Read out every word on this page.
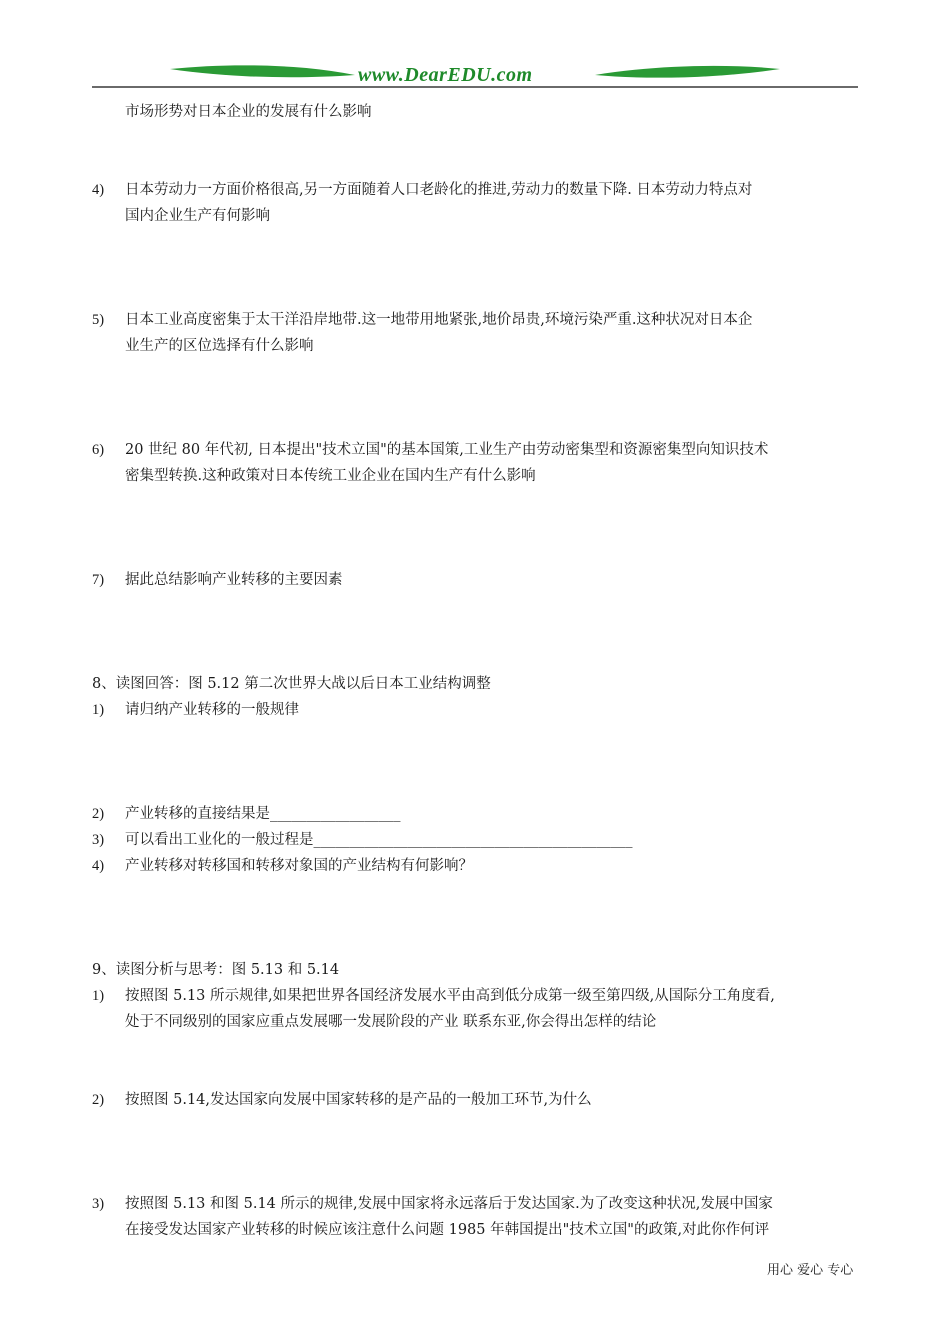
www.DearEDU.com
市场形势对日本企业的发展有什么影响
4) 日本劳动力一方面价格很高,另一方面随着人口老龄化的推进,劳动力的数量下降. 日本劳动力特点对
国内企业生产有何影响
5) 日本工业高度密集于太干洋沿岸地带.这一地带用地紧张,地价昂贵,环境污染严重.这种状况对日本企
业生产的区位选择有什么影响
6) 20 世纪 80 年代初, 日本提出"技术立国"的基本国策,工业生产由劳动密集型和资源密集型向知识技术
密集型转换.这种政策对日本传统工业企业在国内生产有什么影响
7) 据此总结影响产业转移的主要因素
8、读图回答：图 5.12 第二次世界大战以后日本工业结构调整
1) 请归纳产业转移的一般规律
2) 产业转移的直接结果是__________________
3) 可以看出工业化的一般过程是____________________________________________
4) 产业转移对转移国和转移对象国的产业结构有何影响？
9、读图分析与思考：图 5.13 和 5.14
1) 按照图 5.13 所示规律,如果把世界各国经济发展水平由高到低分成第一级至第四级,从国际分工角度看,
处于不同级别的国家应重点发展哪一发展阶段的产业 联系东亚,你会得出怎样的结论
2) 按照图 5.14,发达国家向发展中国家转移的是产品的一般加工环节,为什么
3) 按照图 5.13 和图 5.14 所示的规律,发展中国家将永远落后于发达国家.为了改变这种状况,发展中国家
在接受发达国家产业转移的时候应该注意什么问题 1985 年韩国提出"技术立国"的政策,对此你作何评
用心 爱心 专心
